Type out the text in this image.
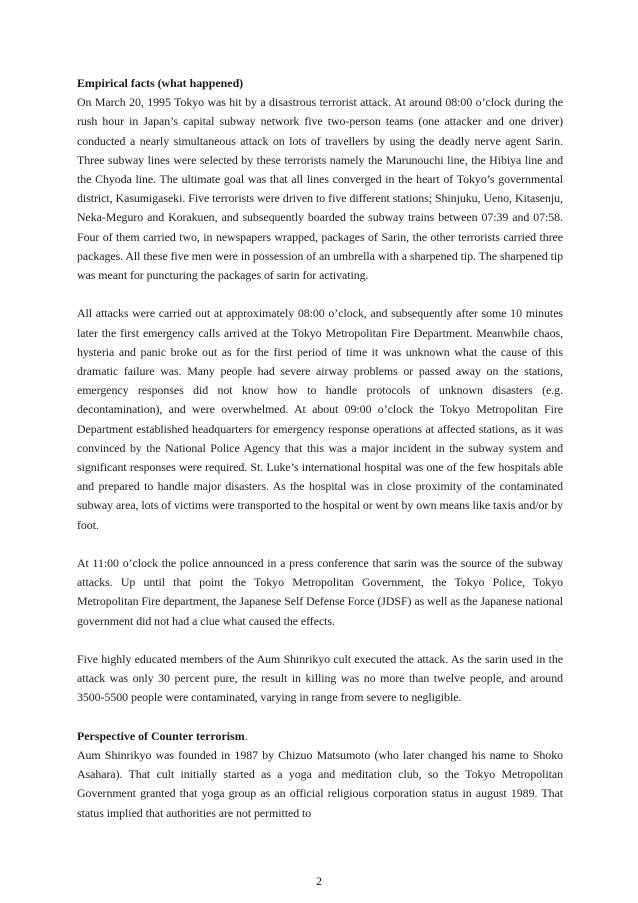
Empirical facts (what happened)

On March 20, 1995 Tokyo was hit by a disastrous terrorist attack. At around 08:00 o’clock during the rush hour in Japan’s capital subway network five two-person teams (one attacker and one driver) conducted a nearly simultaneous attack on lots of travellers by using the deadly nerve agent Sarin. Three subway lines were selected by these terrorists namely the Marunouchi line, the Hibiya line and the Chyoda line. The ultimate goal was that all lines converged in the heart of Tokyo’s governmental district, Kasumigaseki. Five terrorists were driven to five different stations; Shinjuku, Ueno, Kitasenju, Neka-Meguro and Korakuen, and subsequently boarded the subway trains between 07:39 and 07:58. Four of them carried two, in newspapers wrapped, packages of Sarin, the other terrorists carried three packages. All these five men were in possession of an umbrella with a sharpened tip. The sharpened tip was meant for puncturing the packages of sarin for activating.

All attacks were carried out at approximately 08:00 o’clock, and subsequently after some 10 minutes later the first emergency calls arrived at the Tokyo Metropolitan Fire Department. Meanwhile chaos, hysteria and panic broke out as for the first period of time it was unknown what the cause of this dramatic failure was. Many people had severe airway problems or passed away on the stations, emergency responses did not know how to handle protocols of unknown disasters (e.g. decontamination), and were overwhelmed. At about 09:00 o’clock the Tokyo Metropolitan Fire Department established headquarters for emergency response operations at affected stations, as it was convinced by the National Police Agency that this was a major incident in the subway system and significant responses were required. St. Luke’s international hospital was one of the few hospitals able and prepared to handle major disasters. As the hospital was in close proximity of the contaminated subway area, lots of victims were transported to the hospital or went by own means like taxis and/or by foot.

At 11:00 o’clock the police announced in a press conference that sarin was the source of the subway attacks. Up until that point the Tokyo Metropolitan Government, the Tokyo Police, Tokyo Metropolitan Fire department, the Japanese Self Defense Force (JDSF) as well as the Japanese national government did not had a clue what caused the effects.

Five highly educated members of the Aum Shinrikyo cult executed the attack. As the sarin used in the attack was only 30 percent pure, the result in killing was no more than twelve people, and around 3500-5500 people were contaminated, varying in range from severe to negligible.

Perspective of Counter terrorism.

Aum Shinrikyo was founded in 1987 by Chizuo Matsumoto (who later changed his name to Shoko Asahara). That cult initially started as a yoga and meditation club, so the Tokyo Metropolitan Government granted that yoga group as an official religious corporation status in august 1989. That status implied that authorities are not permitted to

2
